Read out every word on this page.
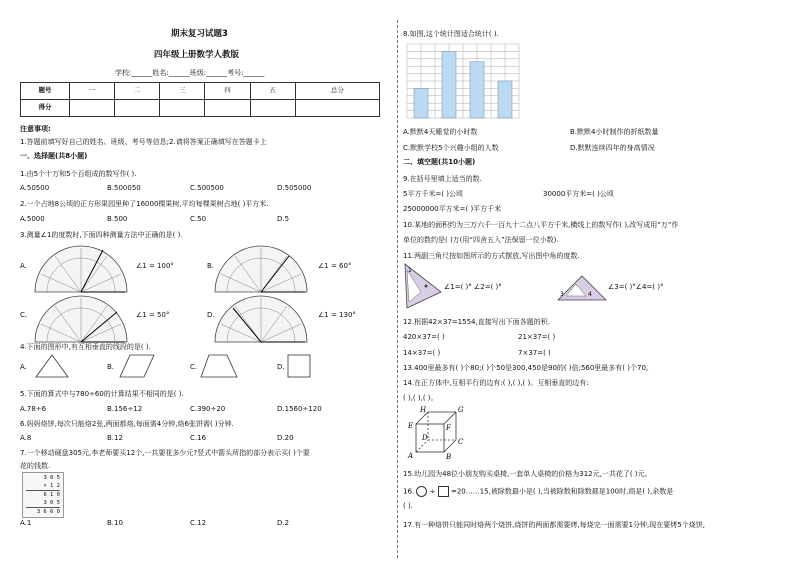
期末复习试题3
四年级上册数学人教版
学校:______姓名:______班级:______考号:______
题号	一	二	三	四	五	总分
得分						
注意事项:
1.答题前填写好自己的姓名、班级、考号等信息;2.请将答案正确填写在答题卡上
一、选择题(共8小题)
1.由5个十万和5个百组成的数写作( ).
A.50500	B.500050	C.500500	D.505000
2.一个占地8公顷的正方形果园里种了16000棵果树,平均每棵果树占地( )平方米.
A.5000	B.500	C.50	D.5
3.测量∠1的度数时,下面四种测量方法中正确的是( ).
A.	∠1 = 100°	B.	∠1 = 60°
C.	∠1 = 50°	D.	∠1 = 130°
4.下面的图形中,有互相垂直的线段的是( ).
A.	B.	C.	D.
5.下面的算式中与780÷60的计算结果不相同的是( ).
A.78÷6	B.156÷12	C.390÷20	D.1560÷120
6.妈妈烙饼,每次只能烙2张,两面都烙,每面需4分钟,烙6张饼需( )分钟.
A.8	B.12	C.16	D.20
7.一个移动硬盘305元,李老师要买12个,一共要花多少元?竖式中箭头所指的部分表示买( )个要
花的钱数.
3 0 5
× 1 2
6 1 0
3 0 5
3 6 6 0
A.1	B.10	C.12	D.2
8.如图,这个统计图适合统计( ).
A.默默4天睡觉的小时数	B.默默4小时制作的折纸数量
C.默默学校5个兴趣小组的人数	D.默默连续四年的身高情况
二、填空题(共10小题)
9.在括号里填上适当的数.
5平方千米=( )公顷	30000平方米=( )公顷
25000000平方米=( )平方千米
10.某地的面积约为三万六千一百九十二点八平方千米,横线上的数写作( ),改写成用“万”作
单位的数约是( )万(用“四舍五入”法保留一位小数).
11.两副三角尺按如图所示的方式摆放,写出图中角的度数.
1
∠1=( )° ∠2=( )°
3	4
∠3=( )°∠4=( )°
12.根据42×37=1554,直接写出下面各题的积.
420×37=( )	21×37=( )
14×37=( )	7×37=( )
13.400里最多有( )个80;( )个50是300,450是90的( )倍;560里最多有( )个70。
14.在正方体中,互相平行的边有:( ),( ),( )。互相垂直的边有:
( ),( ),( )。
H	G
E	F
D	C
A	B
15.幼儿园为48位小朋友购买桌椅,一套单人桌椅的价格为312元,一共花了( )元。
16. ÷ =20……15,被除数最小是( ),当被除数和除数都是100时,商是( ),余数是
( ).
17.有一种烙饼只能同时烙两个烧饼,烧饼的两面都需要烤,每烧完一面需要1分钟,现在要烤5个烧饼,
